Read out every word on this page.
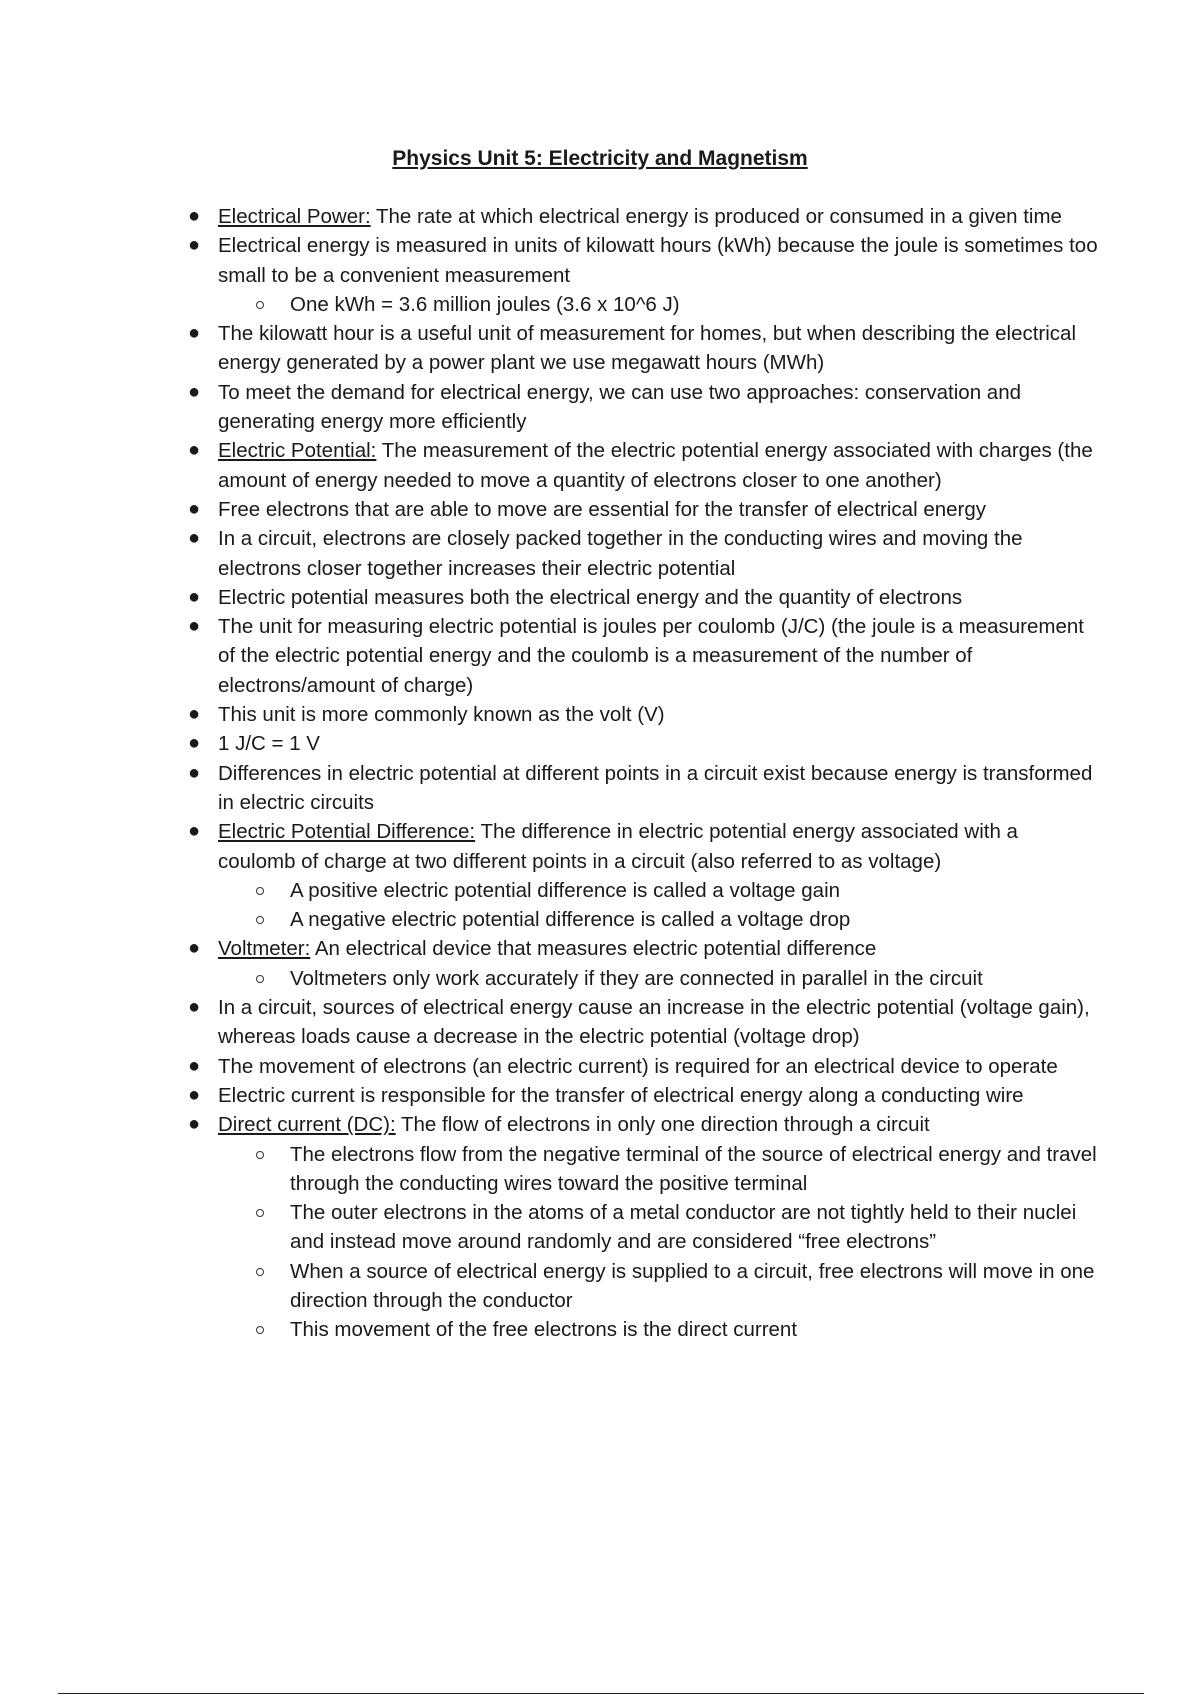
Physics Unit 5: Electricity and Magnetism
● Electrical Power: The rate at which electrical energy is produced or consumed in a given time
● Electrical energy is measured in units of kilowatt hours (kWh) because the joule is sometimes too small to be a convenient measurement
One kWh = 3.6 million joules (3.6 x 10^6 J)
● The kilowatt hour is a useful unit of measurement for homes, but when describing the electrical energy generated by a power plant we use megawatt hours (MWh)
● To meet the demand for electrical energy, we can use two approaches: conservation and generating energy more efficiently
● Electric Potential: The measurement of the electric potential energy associated with charges (the amount of energy needed to move a quantity of electrons closer to one another)
● Free electrons that are able to move are essential for the transfer of electrical energy
● In a circuit, electrons are closely packed together in the conducting wires and moving the electrons closer together increases their electric potential
● Electric potential measures both the electrical energy and the quantity of electrons
● The unit for measuring electric potential is joules per coulomb (J/C) (the joule is a measurement of the electric potential energy and the coulomb is a measurement of the number of electrons/amount of charge)
● This unit is more commonly known as the volt (V)
● 1 J/C = 1 V
● Differences in electric potential at different points in a circuit exist because energy is transformed in electric circuits
● Electric Potential Difference: The difference in electric potential energy associated with a coulomb of charge at two different points in a circuit (also referred to as voltage)
A positive electric potential difference is called a voltage gain
A negative electric potential difference is called a voltage drop
● Voltmeter: An electrical device that measures electric potential difference
Voltmeters only work accurately if they are connected in parallel in the circuit
● In a circuit, sources of electrical energy cause an increase in the electric potential (voltage gain), whereas loads cause a decrease in the electric potential (voltage drop)
● The movement of electrons (an electric current) is required for an electrical device to operate
● Electric current is responsible for the transfer of electrical energy along a conducting wire
● Direct current (DC): The flow of electrons in only one direction through a circuit
The electrons flow from the negative terminal of the source of electrical energy and travel through the conducting wires toward the positive terminal
The outer electrons in the atoms of a metal conductor are not tightly held to their nuclei and instead move around randomly and are considered “free electrons”
When a source of electrical energy is supplied to a circuit, free electrons will move in one direction through the conductor
This movement of the free electrons is the direct current
